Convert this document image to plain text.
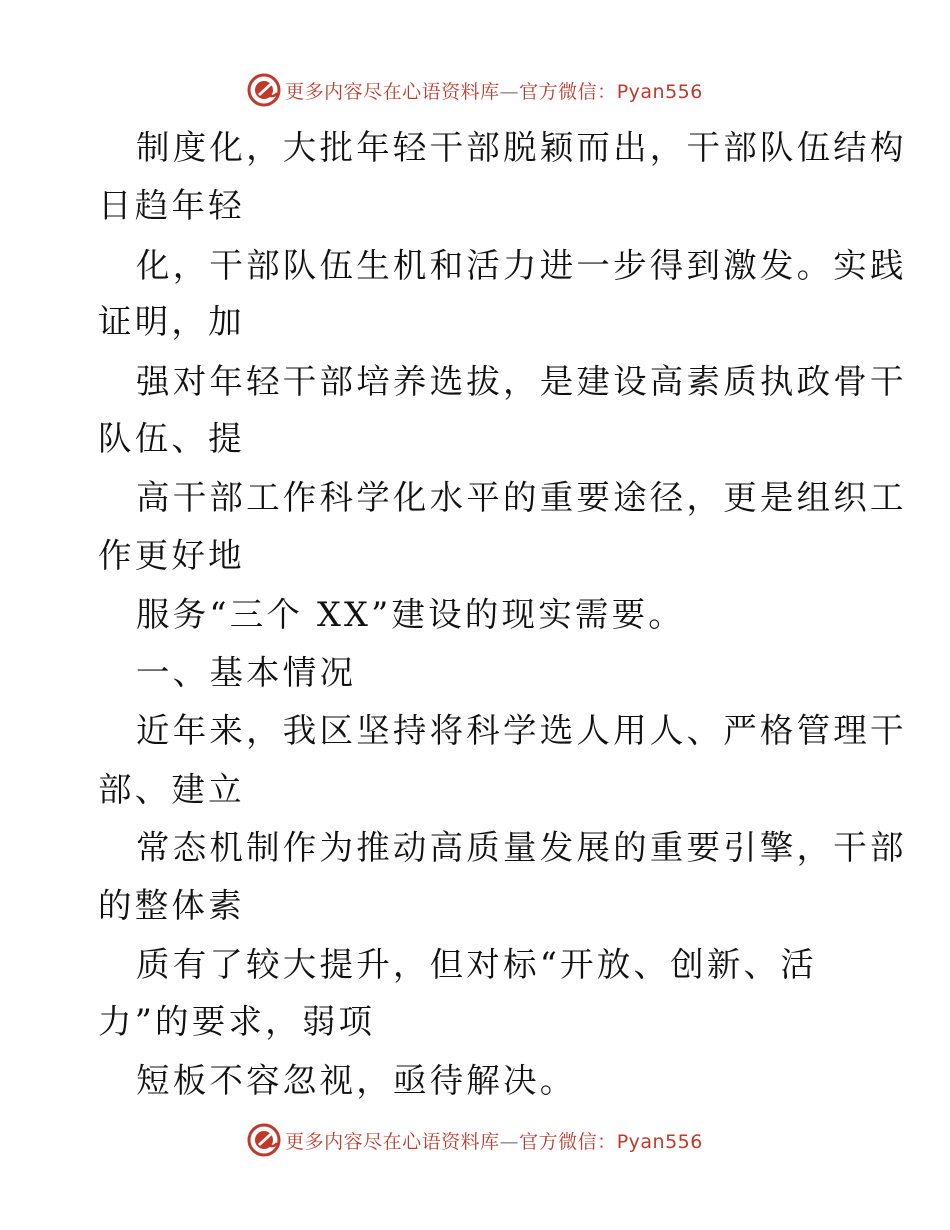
更多内容尽在心语资料库—官方微信：Pyan556
制度化，大批年轻干部脱颖而出，干部队伍结构
日趋年轻
化，干部队伍生机和活力进一步得到激发。实践
证明，加
强对年轻干部培养选拔，是建设高素质执政骨干
队伍、提
高干部工作科学化水平的重要途径，更是组织工
作更好地
服务“三个 XX”建设的现实需要。
一、基本情况
近年来，我区坚持将科学选人用人、严格管理干
部、建立
常态机制作为推动高质量发展的重要引擎，干部
的整体素
质有了较大提升，但对标“开放、创新、活
力”的要求，弱项
短板不容忽视，亟待解决。
更多内容尽在心语资料库—官方微信：Pyan556
